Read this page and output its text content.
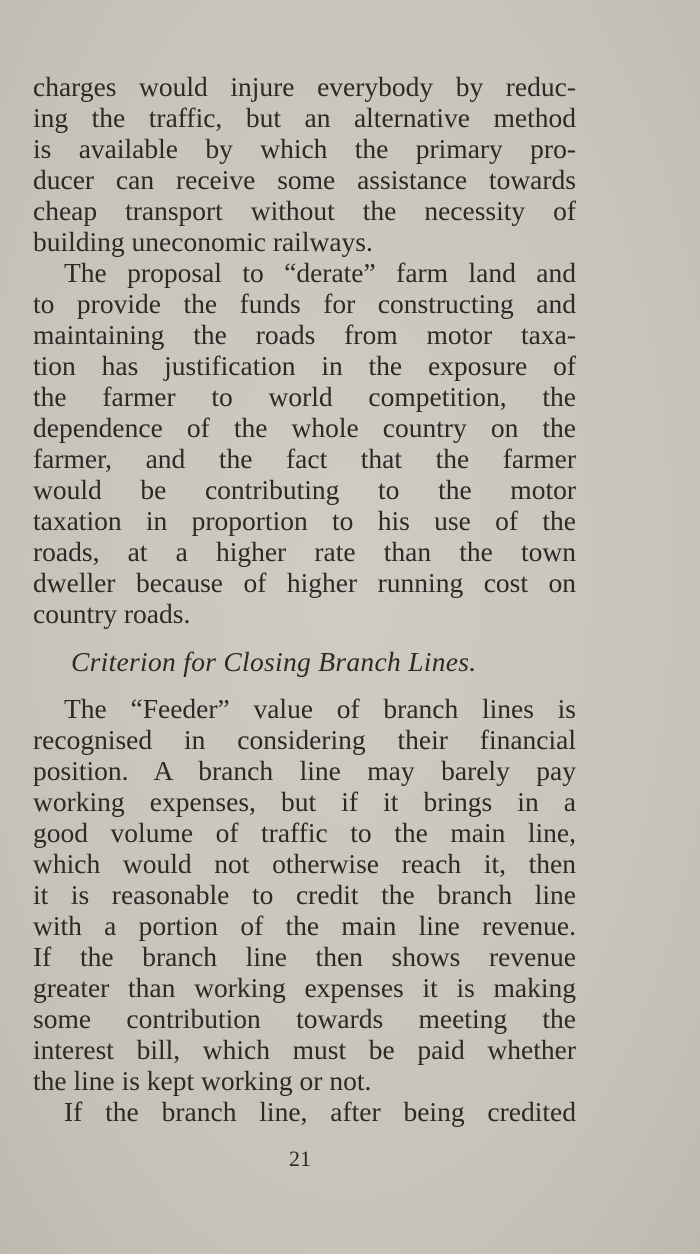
charges would injure everybody by reduc-

ing the traffic, but an alternative method

is available by which the primary pro-

ducer can receive some assistance towards

cheap transport without the necessity of

building uneconomic railways.

The proposal to “derate” farm land and

to provide the funds for constructing and

maintaining the roads from motor taxa-

tion has justification in the exposure of

the farmer to world competition, the

dependence of the whole country on the

farmer, and the fact that the farmer

would be contributing to the motor

taxation in proportion to his use of the

roads, at a higher rate than the town

dweller because of higher running cost on

country roads.

Criterion for Closing Branch Lines.

The “Feeder” value of branch lines is

recognised in considering their financial

position. A branch line may barely pay

working expenses, but if it brings in a

good volume of traffic to the main line,

which would not otherwise reach it, then

it is reasonable to credit the branch line

with a portion of the main line revenue.

If the branch line then shows revenue

greater than working expenses it is making

some contribution towards meeting the

interest bill, which must be paid whether

the line is kept working or not.

If the branch line, after being credited

21
